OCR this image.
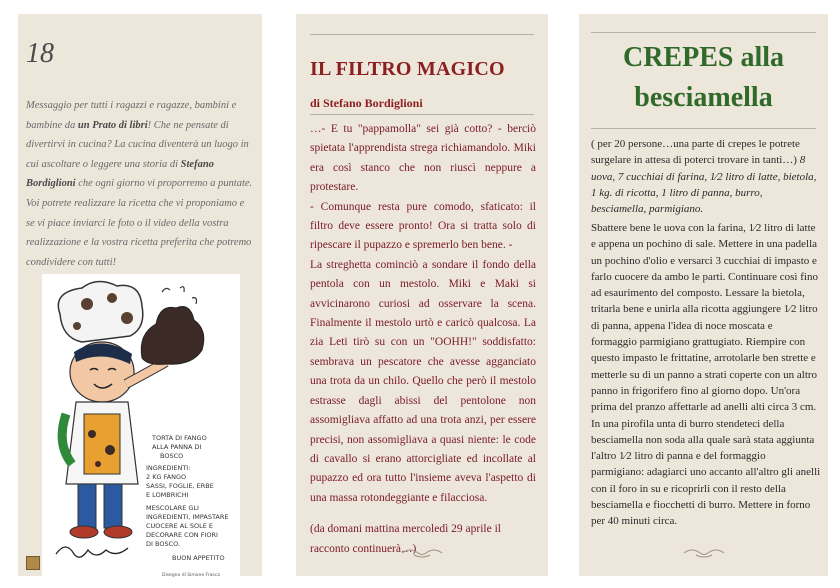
18

Messaggio per tutti i ragazzi e ragazze, bambini e bambine da un Prato di libri! Che ne pensate di divertirvi in cucina? La cucina diventerà un luogo in cui ascoltare o leggere una storia di Stefano Bordiglioni che ogni giorno vi proporremo a puntate. Voi potrete realizzare la ricetta che vi proponiamo e se vi piace inviarci le foto o il video della vostra realizzazione e la vostra ricetta preferita che potremo condividere con tutti!

TORTA DI FANGO
ALLA PANNA DI
BOSCO
INGREDIENTI:
2 KG FANGO
SASSI, FOGLIE, ERBE
E LOMBRICHI
MESCOLARE GLI
INGREDIENTI, IMPASTARE
CUOCERE AL SOLE E
DECORARE CON FIORI
DI BOSCO.
BUON APPETITO
Disegno di Simone Frasca
IL FILTRO MAGICO
di Stefano Bordiglioni

…- E tu "pappamolla" sei già cotto? - berciò spietata l'apprendista strega richiamandolo. Miki era così stanco che non riuscì neppure a protestare.

- Comunque resta pure comodo, sfaticato: il filtro deve essere pronto! Ora si tratta solo di ripescare il pupazzo e spremerlo ben bene. -

La streghetta cominciò a sondare il fondo della pentola con un mestolo. Miki e Maki si avvicinarono curiosi ad osservare la scena. Finalmente il mestolo urtò e caricò qualcosa. La zia Leti tirò su con un "OOHH!" soddisfatto: sembrava un pescatore che avesse agganciato una trota da un chilo. Quello che però il mestolo estrasse dagli abissi del pentolone non assomigliava affatto ad una trota anzi, per essere precisi, non assomigliava a quasi niente: le code di cavallo si erano attorcigliate ed incollate al pupazzo ed ora tutto l'insieme aveva l'aspetto di una massa rotondeggiante e filacciosa.

(da domani mattina mercoledì 29 aprile il racconto continuerà…)

CREPES alla
besciamella

( per 20 persone…una parte di crepes le potrete surgelare in attesa di poterci trovare in tanti…) 8 uova, 7 cucchiai di farina, 1⁄2 litro di latte, bietola, 1 kg. di ricotta, 1 litro di panna, burro, besciamella, parmigiano.

Sbattere bene le uova con la farina, 1⁄2 litro di latte e appena un pochino di sale. Mettere in una padella un pochino d'olio e versarci 3 cucchiai di impasto e farlo cuocere da ambo le parti. Continuare così fino ad esaurimento del composto. Lessare la bietola, tritarla bene e unirla alla ricotta aggiungere 1⁄2 litro di panna, appena l'idea di noce moscata e formaggio parmigiano grattugiato. Riempire con questo impasto le frittatine, arrotolarle ben strette e metterle su di un panno a strati coperte con un altro panno in frigorifero fino al giorno dopo. Un'ora prima del pranzo affettarle ad anelli alti circa 3 cm. In una pirofila unta di burro stendeteci della besciamella non soda alla quale sarà stata aggiunta l'altro 1⁄2 litro di panna e del formaggio parmigiano: adagiarci uno accanto all'altro gli anelli con il foro in su e ricoprirli con il resto della besciamella e fiocchetti di burro. Mettere in forno per 40 minuti circa.
